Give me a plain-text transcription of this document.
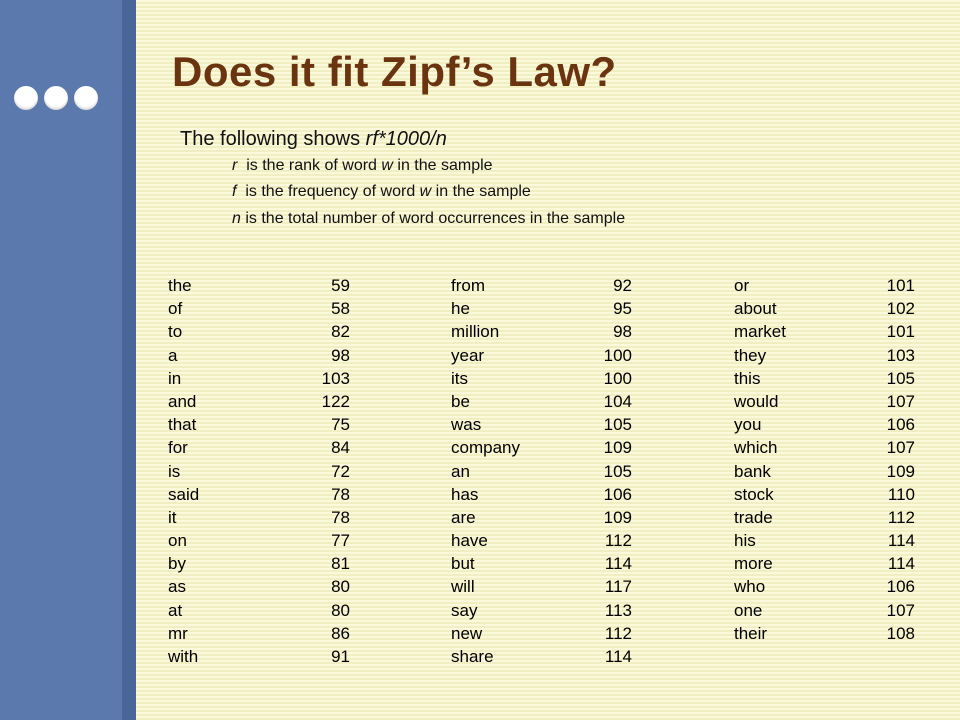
Does it fit Zipf’s Law?
The following shows rf*1000/n
r  is the rank of word w in the sample
f  is the frequency of word w in the sample
n is the total number of word occurrences in the sample
the	59
of	58
to	82
a	98
in	103
and	122
that	75
for	84
is	72
said	78
it	78
on	77
by	81
as	80
at	80
mr	86
with	91
from	92
he	95
million	98
year	100
its	100
be	104
was	105
company	109
an	105
has	106
are	109
have	112
but	114
will	117
say	113
new	112
share	114
or	101
about	102
market	101
they	103
this	105
would	107
you	106
which	107
bank	109
stock	110
trade	112
his	114
more	114
who	106
one	107
their	108
